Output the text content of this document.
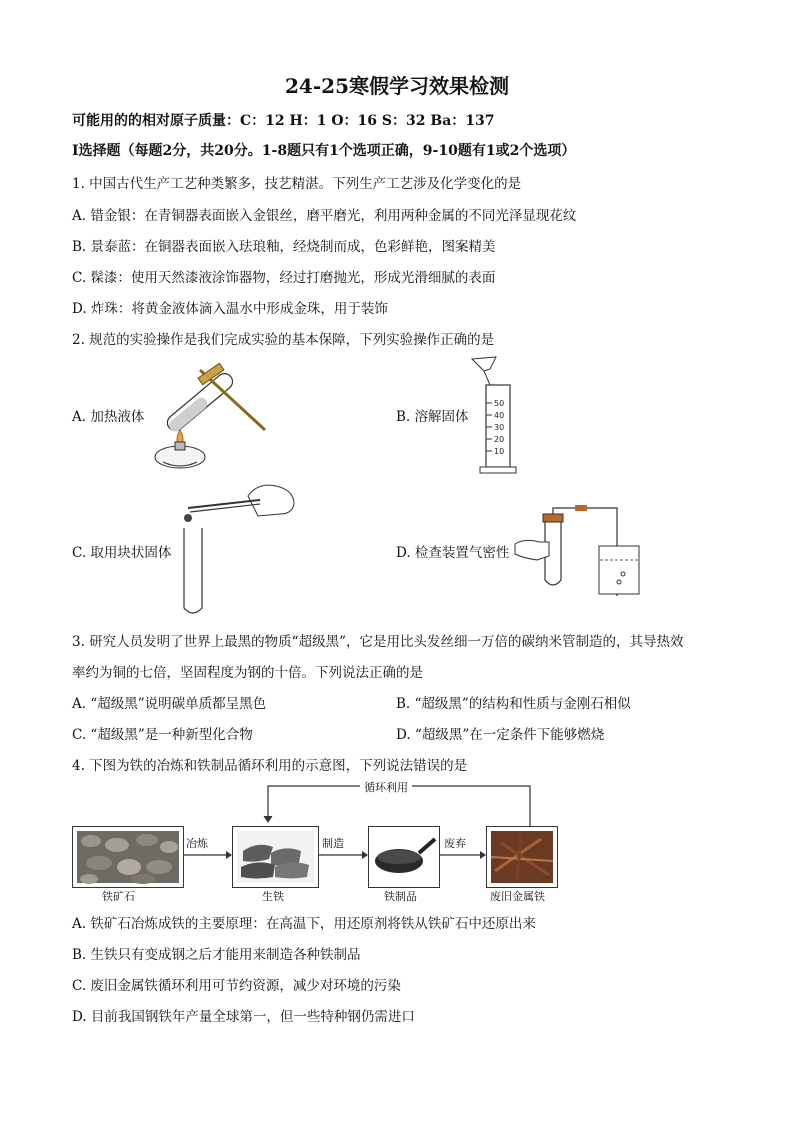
24-25寒假学习效果检测
可能用的的相对原子质量：C：12 H：1 O：16 S：32 Ba：137
I选择题（每题2分，共20分。1-8题只有1个选项正确，9-10题有1或2个选项）
1. 中国古代生产工艺种类繁多，技艺精湛。下列生产工艺涉及化学变化的是
A. 错金银：在青铜器表面嵌入金银丝，磨平磨光，利用两种金属的不同光泽显现花纹
B. 景泰蓝：在铜器表面嵌入珐琅釉，经烧制而成，色彩鲜艳，图案精美
C. 髹漆：使用天然漆液涂饰器物，经过打磨抛光，形成光滑细腻的表面
D. 炸珠：将黄金液体滴入温水中形成金珠，用于装饰
2. 规范的实验操作是我们完成实验的基本保障，下列实验操作正确的是
A. 加热液体	B. 溶解固体
C. 取用块状固体	D. 检查装置气密性
50
40
30
20
10
3. 研究人员发明了世界上最黑的物质“超级黑”，它是用比头发丝细一万倍的碳纳米管制造的，其导热效
率约为铜的七倍，坚固程度为钢的十倍。下列说法正确的是
A. “超级黑”说明碳单质都呈黑色	B. “超级黑”的结构和性质与金刚石相似
C. “超级黑”是一种新型化合物	D. “超级黑”在一定条件下能够燃烧
4. 下图为铁的冶炼和铁制品循环利用的示意图，下列说法错误的是
循环利用
冶炼	制造	废弃
铁矿石	生铁	铁制品	废旧金属铁
A. 铁矿石冶炼成铁的主要原理：在高温下，用还原剂将铁从铁矿石中还原出来
B. 生铁只有变成钢之后才能用来制造各种铁制品
C. 废旧金属铁循环利用可节约资源，减少对环境的污染
D. 目前我国钢铁年产量全球第一，但一些特种钢仍需进口
